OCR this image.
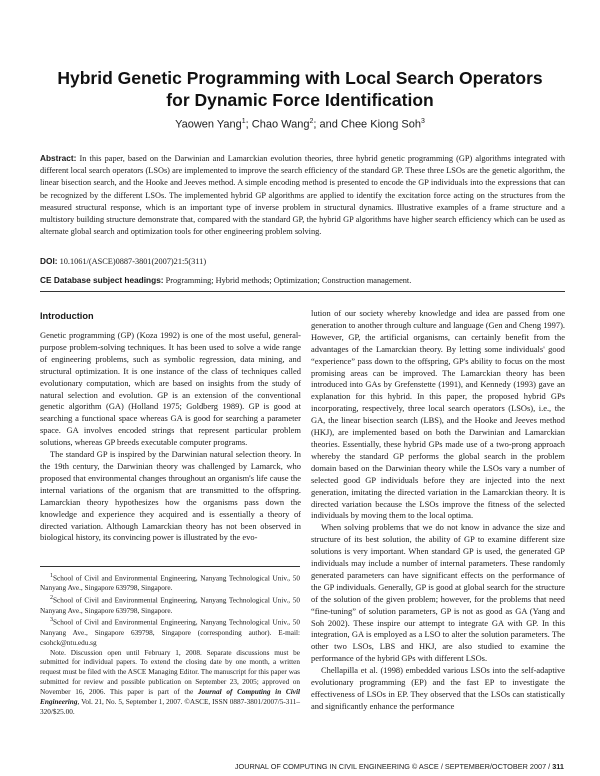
Hybrid Genetic Programming with Local Search Operators
for Dynamic Force Identification
Yaowen Yang$^1$; Chao Wang$^2$; and Chee Kiong Soh$^3$
Abstract: In this paper, based on the Darwinian and Lamarckian evolution theories, three hybrid genetic programming (GP) algorithms integrated with different local search operators (LSOs) are implemented to improve the search efficiency of the standard GP. These three LSOs are the genetic algorithm, the linear bisection search, and the Hooke and Jeeves method. A simple encoding method is presented to encode the GP individuals into the expressions that can be recognized by the different LSOs. The implemented hybrid GP algorithms are applied to identify the excitation force acting on the structures from the measured structural response, which is an important type of inverse problem in structural dynamics. Illustrative examples of a frame structure and a multistory building structure demonstrate that, compared with the standard GP, the hybrid GP algorithms have higher search efficiency which can be used as alternate global search and optimization tools for other engineering problem solving.
DOI: 10.1061/(ASCE)0887-3801(2007)21:5(311)
CE Database subject headings: Programming; Hybrid methods; Optimization; Construction management.
Introduction

Genetic programming (GP) (Koza 1992) is one of the most useful, general-purpose problem-solving techniques. It has been used to solve a wide range of engineering problems, such as symbolic regression, data mining, and structural optimization. It is one instance of the class of techniques called evolutionary computation, which are based on insights from the study of natural selection and evolution. GP is an extension of the conventional genetic algorithm (GA) (Holland 1975; Goldberg 1989). GP is good at searching a functional space whereas GA is good for searching a parameter space. GA involves encoded strings that represent particular problem solutions, whereas GP breeds executable computer programs.

The standard GP is inspired by the Darwinian natural selection theory. In the 19th century, the Darwinian theory was challenged by Lamarck, who proposed that environmental changes throughout an organism's life cause the internal variations of the organism that are transmitted to the offspring. Lamarckian theory hypothesizes how the organisms pass down the knowledge and experience they acquired and is essentially a theory of directed variation. Although Lamarckian theory has not been observed in biological history, its convincing power is illustrated by the evo-

$^1$School of Civil and Environmental Engineering, Nanyang Technological Univ., 50 Nanyang Ave., Singapore 639798, Singapore.

$^2$School of Civil and Environmental Engineering, Nanyang Technological Univ., 50 Nanyang Ave., Singapore 639798, Singapore.

$^3$School of Civil and Environmental Engineering, Nanyang Technological Univ., 50 Nanyang Ave., Singapore 639798, Singapore (corresponding author). E-mail: csohck@ntu.edu.sg

Note. Discussion open until February 1, 2008. Separate discussions must be submitted for individual papers. To extend the closing date by one month, a written request must be filed with the ASCE Managing Editor. The manuscript for this paper was submitted for review and possible publication on September 23, 2005; approved on November 16, 2006. This paper is part of the Journal of Computing in Civil Engineering, Vol. 21, No. 5, September 1, 2007. ©ASCE, ISSN 0887-3801/2007/5-311–320/$25.00.

lution of our society whereby knowledge and idea are passed from one generation to another through culture and language (Gen and Cheng 1997). However, GP, the artificial organisms, can certainly benefit from the advantages of the Lamarckian theory. By letting some individuals' good “experience” pass down to the offspring, GP's ability to focus on the most promising areas can be improved. The Lamarckian theory has been introduced into GAs by Grefenstette (1991), and Kennedy (1993) gave an explanation for this hybrid. In this paper, the proposed hybrid GPs incorporating, respectively, three local search operators (LSOs), i.e., the GA, the linear bisection search (LBS), and the Hooke and Jeeves method (HKJ), are implemented based on both the Darwinian and Lamarckian theories. Essentially, these hybrid GPs made use of a two-prong approach whereby the standard GP performs the global search in the problem domain based on the Darwinian theory while the LSOs vary a number of selected good GP individuals before they are injected into the next generation, imitating the directed variation in the Lamarckian theory. It is directed variation because the LSOs improve the fitness of the selected individuals by moving them to the local optima.

When solving problems that we do not know in advance the size and structure of its best solution, the ability of GP to examine different size solutions is very important. When standard GP is used, the generated GP individuals may include a number of internal parameters. These randomly generated parameters can have significant effects on the performance of the GP individuals. Generally, GP is good at global search for the structure of the solution of the given problem; however, for the problems that need “fine-tuning” of solution parameters, GP is not as good as GA (Yang and Soh 2002). These inspire our attempt to integrate GA with GP. In this integration, GA is employed as a LSO to alter the solution parameters. The other two LSOs, LBS and HKJ, are also studied to examine the performance of the hybrid GPs with different LSOs.

Chellapilla et al. (1998) embedded various LSOs into the self-adaptive evolutionary programming (EP) and the fast EP to investigate the effectiveness of LSOs in EP. They observed that the LSOs can statistically and significantly enhance the performance

JOURNAL OF COMPUTING IN CIVIL ENGINEERING © ASCE / SEPTEMBER/OCTOBER 2007 / 311
